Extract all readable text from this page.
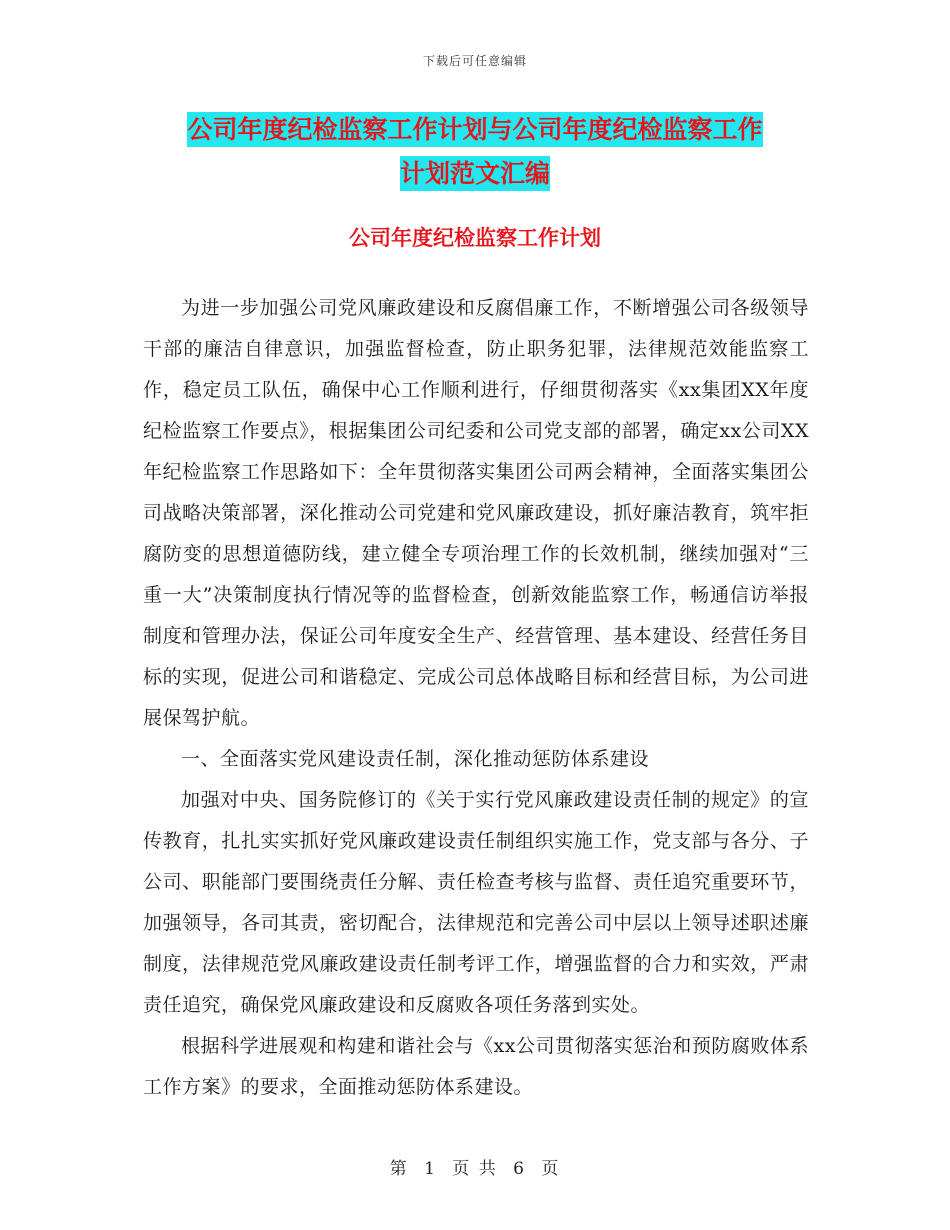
下载后可任意编辑
公司年度纪检监察工作计划与公司年度纪检监察工作
计划范文汇编
公司年度纪检监察工作计划

为进一步加强公司党风廉政建设和反腐倡廉工作，不断增强公司各级领导干部的廉洁自律意识，加强监督检查，防止职务犯罪，法律规范效能监察工作，稳定员工队伍，确保中心工作顺利进行，仔细贯彻落实《xx集团XX年度纪检监察工作要点》，根据集团公司纪委和公司党支部的部署，确定xx公司XX年纪检监察工作思路如下：全年贯彻落实集团公司两会精神，全面落实集团公司战略决策部署，深化推动公司党建和党风廉政建设，抓好廉洁教育，筑牢拒腐防变的思想道德防线，建立健全专项治理工作的长效机制，继续加强对“三重一大”决策制度执行情况等的监督检查，创新效能监察工作，畅通信访举报制度和管理办法，保证公司年度安全生产、经营管理、基本建设、经营任务目标的实现，促进公司和谐稳定、完成公司总体战略目标和经营目标，为公司进展保驾护航。

一、全面落实党风建设责任制，深化推动惩防体系建设

加强对中央、国务院修订的《关于实行党风廉政建设责任制的规定》的宣传教育，扎扎实实抓好党风廉政建设责任制组织实施工作，党支部与各分、子公司、职能部门要围绕责任分解、责任检查考核与监督、责任追究重要环节，加强领导，各司其责，密切配合，法律规范和完善公司中层以上领导述职述廉制度，法律规范党风廉政建设责任制考评工作，增强监督的合力和实效，严肃责任追究，确保党风廉政建设和反腐败各项任务落到实处。

根据科学进展观和构建和谐社会与《xx公司贯彻落实惩治和预防腐败体系工作方案》的要求，全面推动惩防体系建设。

第 1 页 共 6 页
